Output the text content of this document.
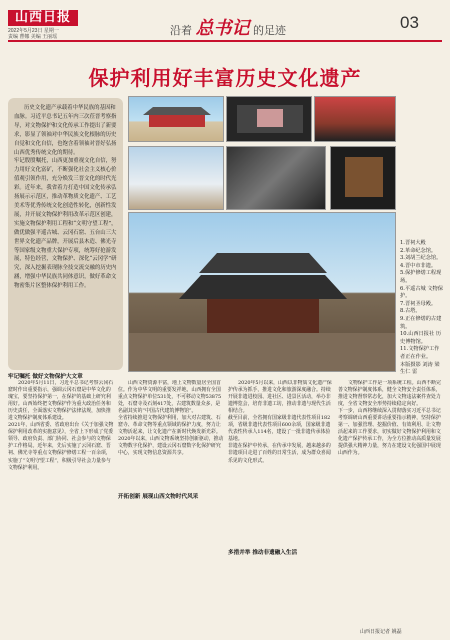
山西日报
2022年5月23日 星期一
责编 曹娜 美编 王丽瑶	沿着 总书记 的足迹	03
保护利用好丰富历史文化遗产
历史文化遗产承载着中华民族的基因和血脉。习近平总书记五年内三次莅晋考察指导，对文物保护和文化传承工作提出了新要求，影显了领袖对中华民族文化根脉的历史自觉和文化自信，也饱含着领袖对晋好弘扬山西优秀传统文化的期待。
牢记殷殷嘱托，山西更加重视文化自信，努力用好文化富矿，不断强化社会主义核心价值观引领作用，充分焕发三晋文化的时代光彩。近年来，我省着力打造中国文化传承弘扬展示示范区，推动革物质文化遗产、工艺美术等优秀传统文化创造性转化，创新性发展，并开展文物保护利用改革示范区创建，实施文物保护利用工程和“文明守望工程”，做优做强平遥古城、云冈石窟、五台山三大世界文化遗产品牌，开展后县木造、佛光寺等国家级文物重大保护专项，统筹好抢游发展，特色经营，文物保护、深化“云冈学”研究，深入挖掘表现脉全技交流交融的历史内涵，增强中华民族共同体意识，做好革命文物密集片区整体保护利用工作。
1.晋祠大殿
2.革命纪念馆。
3.刘胡兰纪念馆。
4.晋中市非遗。
5.保护修缮工程现场。
6.平遥古城 文物保护。
7.晋祠圣母殿。
8.古塔。
9.正在修缮的古建筑。
10.山西日报社 历史博物馆。
11.文物保护工作者正在作业。
本版摄影 刘涛 梁生仁 雷
牢记嘱托 做好文物保护大文章
2020年5月11日，习近平总书记考察云冈石窟时作出重要指示，强调云冈石窟是中华文化的瑰宝，要坚持保护第一，在保护的基础上研究利用好。山西始终把文物保护作为重大政治任务和历史责任，全面落实文物保护法律法规，加快推进文物保护制度体系建设。
2021年，山西省委、省政府出台《关于加强文物保护利用改革的实施意见》，全省上下形成了党委领导、政府负责、部门协同、社会参与的文物保护工作格局。近年来，先后实施了云冈石窟、晋祠、佛光寺等重点文物保护修缮工程一百余项，实施了“文明守望工程”，积极引导社会力量参与文物保护利用。
山西文物资源丰富，地上文物数量居全国首位。作为中华文明的重要发祥地，山西拥有全国重点文物保护单位531处，不可移动文物53875处，石窟寺及石刻417处，古建筑数量众多，是名副其实的“中国古代建筑博物馆”。
全省持续推进文物保护利用，加大对古建筑、石窟寺、革命文物等重点领域的保护力度，努力让文物活起来，让文化遗产在新时代焕发新光彩。
2020年以来，山西文物系统坚持创新驱动，推动文物数字化保护，建设云冈石窟数字化保护研究中心，实现文物信息资源共享。
开拓创新 展现山西文物时代风采
2020年5月以来，山西以非物质文化遗产保护传承为抓手，推进文化和旅游深度融合。持续开展非遗进校园、进社区、进景区活动，举办非遗博览会，培育非遗工坊，推动非遗与现代生活相结合。
截至目前，全省拥有国家级非遗代表性项目182项，省级非遗代表性项目600余项，国家级非遗代表性传承人114名，建设了一批非遗传承体验基地。
非遗在保护中传承，在传承中发展，越来越多的非遗项目走进了百姓的日常生活，成为群众喜闻乐见的文化形式。
多措并举 推动非遗融入生活
文物保护工作是一项系统工程。山西不断完善文物保护制度体系，健全文物安全责任体系，推进文物督察常态化，加大文物违法案件查处力度，全省文物安全形势持续稳定向好。
下一步，山西将继续深入贯彻落实习近平总书记考察调研山西重要讲话重要指示精神，坚持保护第一、加强管理、挖掘价值、有效利用、让文物活起来的工作要求，切实做好文物保护利用和文化遗产保护传承工作，为全方位推动高质量发展提供强大精神力量，努力在建设文化强国中展现山西作为。
山西日报记者 姚磊
